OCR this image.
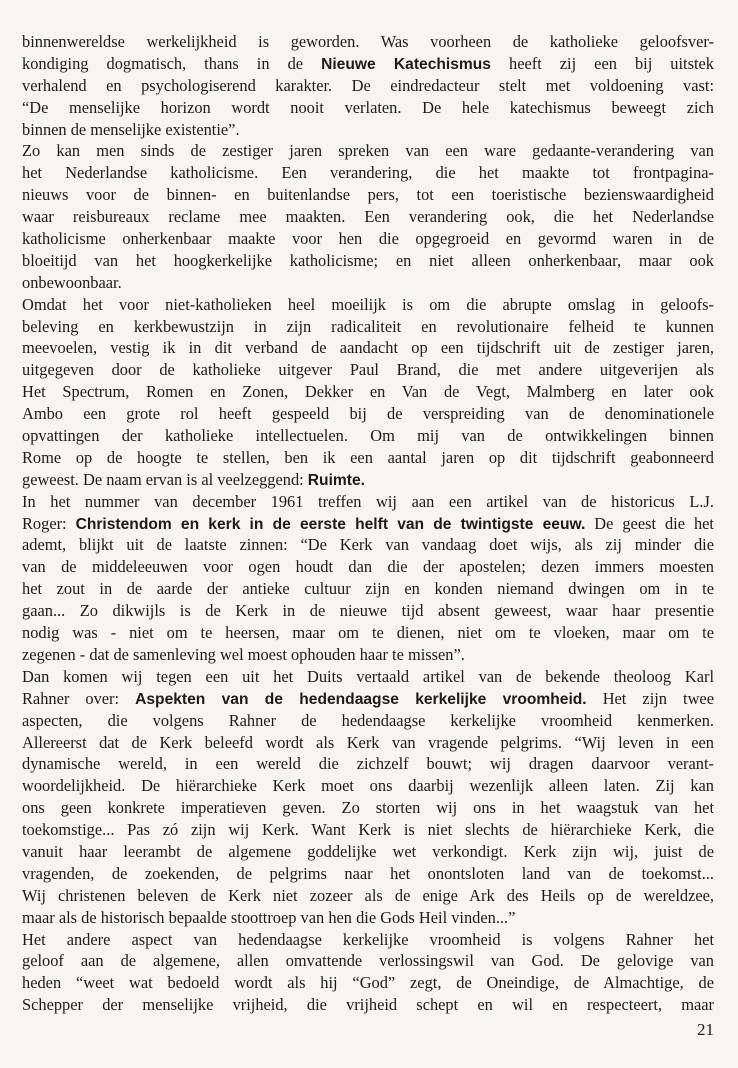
binnenwereldse werkelijkheid is geworden. Was voorheen de katholieke geloofsver-
kondiging dogmatisch, thans in de Nieuwe Katechismus heeft zij een bij uitstek
verhalend en psychologiserend karakter. De eindredacteur stelt met voldoening vast:
“De menselijke horizon wordt nooit verlaten. De hele katechismus beweegt zich
binnen de menselijke existentie”.
Zo kan men sinds de zestiger jaren spreken van een ware gedaante-verandering van
het Nederlandse katholicisme. Een verandering, die het maakte tot frontpagina-
nieuws voor de binnen- en buitenlandse pers, tot een toeristische bezienswaardigheid
waar reisbureaux reclame mee maakten. Een verandering ook, die het Nederlandse
katholicisme onherkenbaar maakte voor hen die opgegroeid en gevormd waren in de
bloeitijd van het hoogkerkelijke katholicisme; en niet alleen onherkenbaar, maar ook
onbewoonbaar.
Omdat het voor niet-katholieken heel moeilijk is om die abrupte omslag in geloofs-
beleving en kerkbewustzijn in zijn radicaliteit en revolutionaire felheid te kunnen
meevoelen, vestig ik in dit verband de aandacht op een tijdschrift uit de zestiger jaren,
uitgegeven door de katholieke uitgever Paul Brand, die met andere uitgeverijen als
Het Spectrum, Romen en Zonen, Dekker en Van de Vegt, Malmberg en later ook
Ambo een grote rol heeft gespeeld bij de verspreiding van de denominationele
opvattingen der katholieke intellectuelen. Om mij van de ontwikkelingen binnen
Rome op de hoogte te stellen, ben ik een aantal jaren op dit tijdschrift geabonneerd
geweest. De naam ervan is al veelzeggend: Ruimte.
In het nummer van december 1961 treffen wij aan een artikel van de historicus L.J.
Roger: Christendom en kerk in de eerste helft van de twintigste eeuw. De geest die het
ademt, blijkt uit de laatste zinnen: “De Kerk van vandaag doet wijs, als zij minder die
van de middeleeuwen voor ogen houdt dan die der apostelen; dezen immers moesten
het zout in de aarde der antieke cultuur zijn en konden niemand dwingen om in te
gaan... Zo dikwijls is de Kerk in de nieuwe tijd absent geweest, waar haar presentie
nodig was - niet om te heersen, maar om te dienen, niet om te vloeken, maar om te
zegenen - dat de samenleving wel moest ophouden haar te missen”.
Dan komen wij tegen een uit het Duits vertaald artikel van de bekende theoloog Karl
Rahner over: Aspekten van de hedendaagse kerkelijke vroomheid. Het zijn twee
aspecten, die volgens Rahner de hedendaagse kerkelijke vroomheid kenmerken.
Allereerst dat de Kerk beleefd wordt als Kerk van vragende pelgrims. “Wij leven in een
dynamische wereld, in een wereld die zichzelf bouwt; wij dragen daarvoor verant-
woordelijkheid. De hiërarchieke Kerk moet ons daarbij wezenlijk alleen laten. Zij kan
ons geen konkrete imperatieven geven. Zo storten wij ons in het waagstuk van het
toekomstige... Pas zó zijn wij Kerk. Want Kerk is niet slechts de hiërarchieke Kerk, die
vanuit haar leerambt de algemene goddelijke wet verkondigt. Kerk zijn wij, juist de
vragenden, de zoekenden, de pelgrims naar het onontsloten land van de toekomst...
Wij christenen beleven de Kerk niet zozeer als de enige Ark des Heils op de wereldzee,
maar als de historisch bepaalde stoottroep van hen die Gods Heil vinden...”
Het andere aspect van hedendaagse kerkelijke vroomheid is volgens Rahner het
geloof aan de algemene, allen omvattende verlossingswil van God. De gelovige van
heden “weet wat bedoeld wordt als hij “God” zegt, de Oneindige, de Almachtige, de
Schepper der menselijke vrijheid, die vrijheid schept en wil en respecteert, maar
21
